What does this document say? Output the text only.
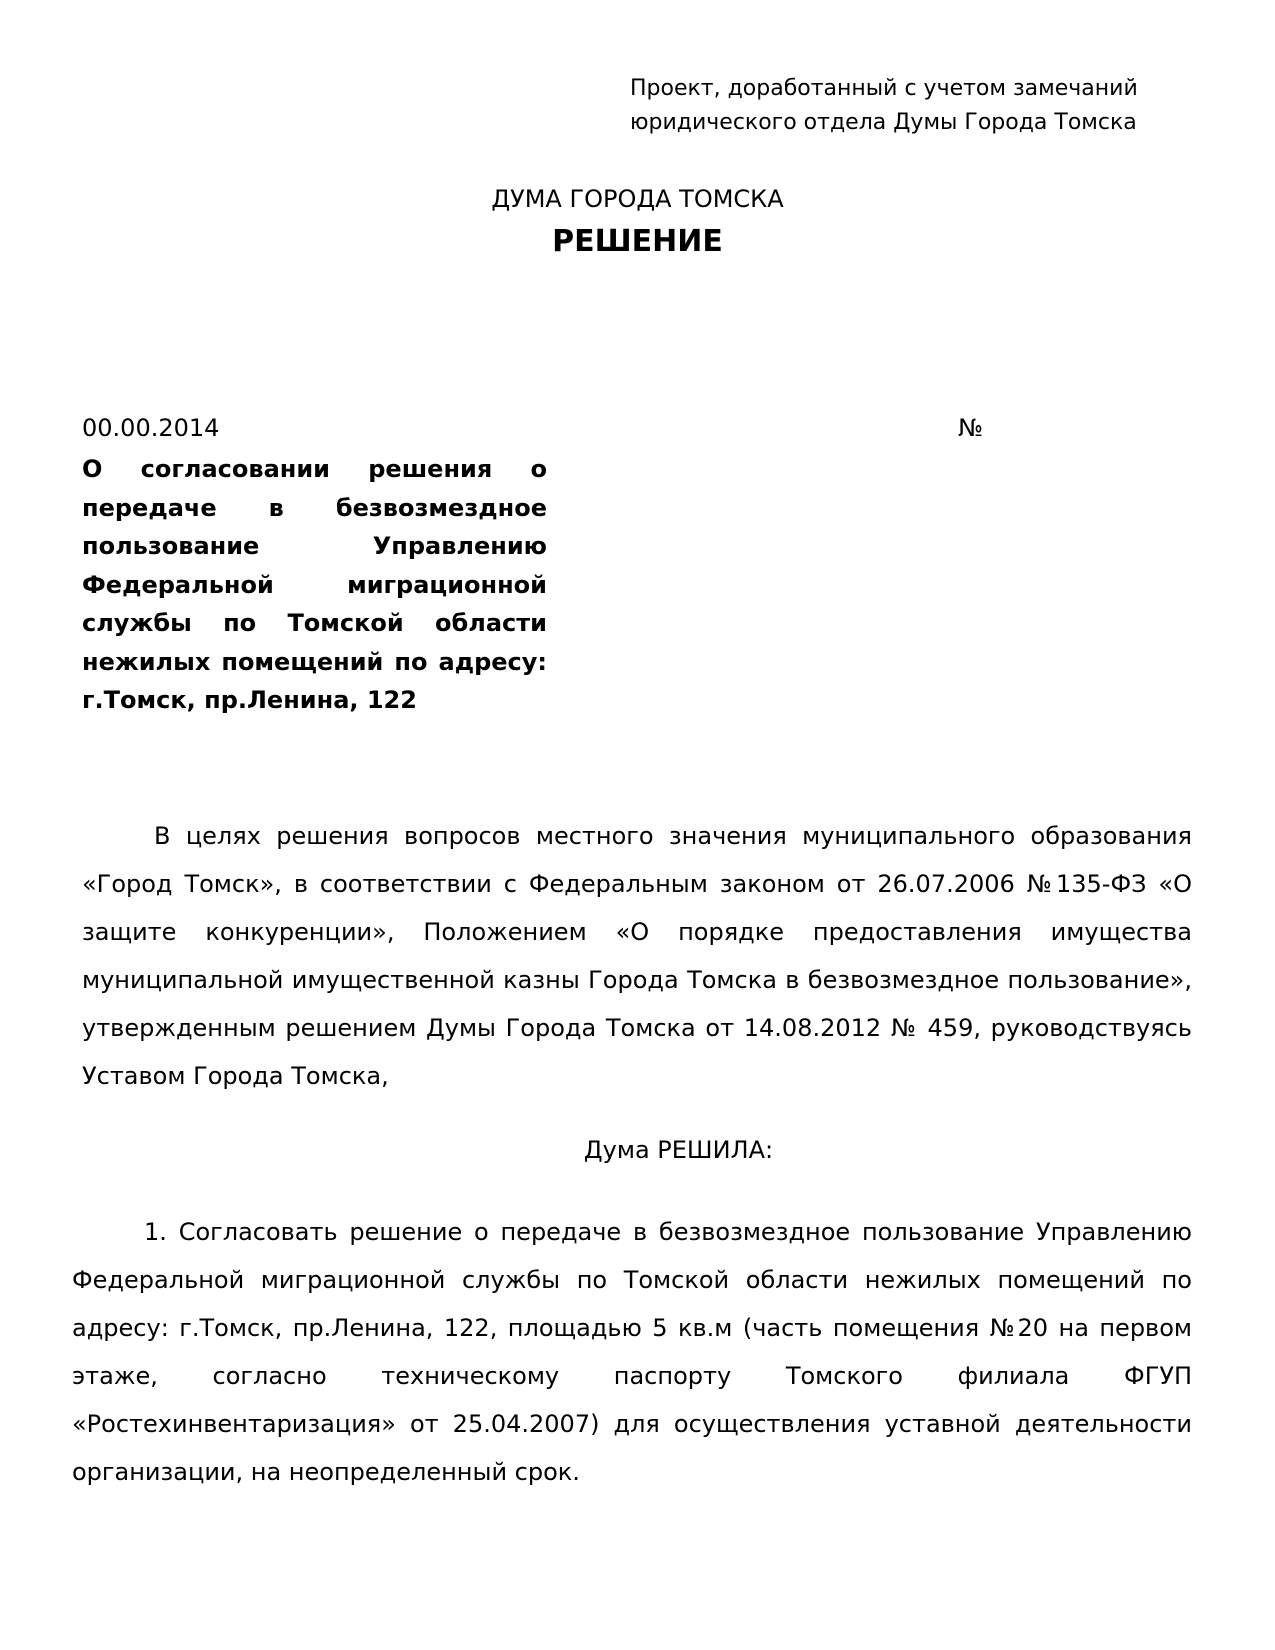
Проект, доработанный с учетом замечаний
юридического отдела Думы Города Томска
ДУМА ГОРОДА ТОМСКА
РЕШЕНИЕ
00.00.2014	№
О согласовании решения о передаче в безвозмездное пользование Управлению Федеральной миграционной службы по Томской области нежилых помещений по адресу: г.Томск, пр.Ленина, 122
В целях решения вопросов местного значения муниципального образования «Город Томск», в соответствии с Федеральным законом от 26.07.2006 №135-ФЗ «О защите конкуренции», Положением «О порядке предоставления имущества муниципальной имущественной казны Города Томска в безвозмездное пользование», утвержденным решением Думы Города Томска от 14.08.2012 № 459, руководствуясь Уставом Города Томска,
Дума РЕШИЛА:
1. Согласовать решение о передаче в безвозмездное пользование Управлению Федеральной миграционной службы по Томской области нежилых помещений по адресу: г.Томск, пр.Ленина, 122, площадью 5 кв.м (часть помещения №20 на первом этаже, согласно техническому паспорту Томского филиала ФГУП «Ростехинвентаризация» от 25.04.2007) для осуществления уставной деятельности организации, на неопределенный срок.
